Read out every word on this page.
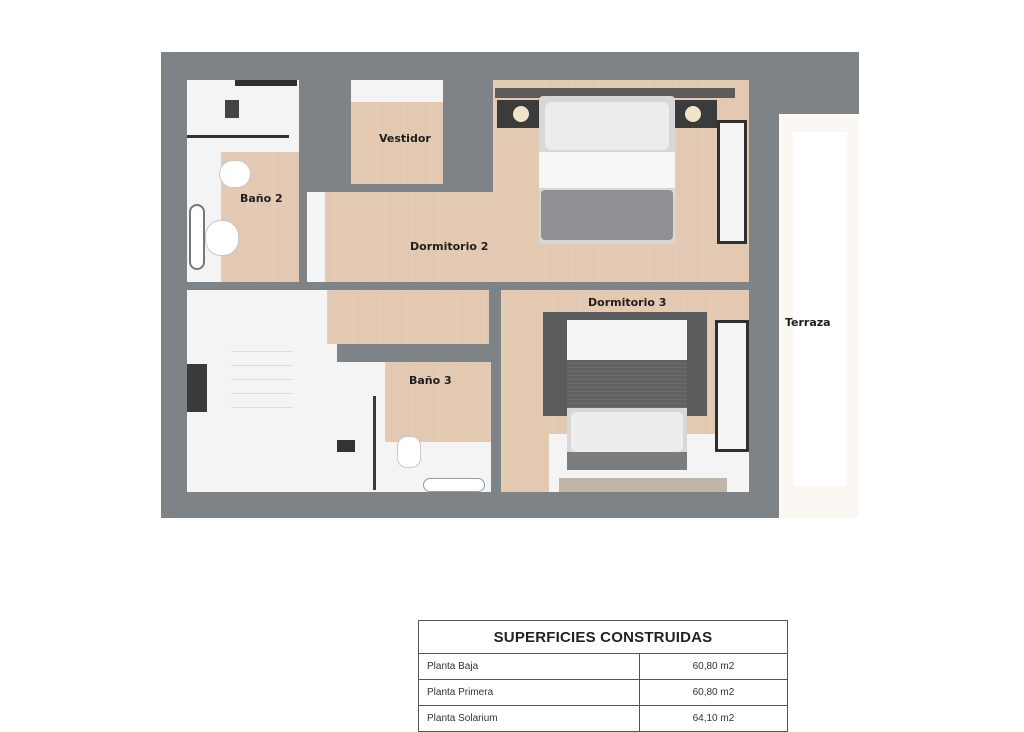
Baño 2
Vestidor
Dormitorio 2
Baño 3
Dormitorio 3
Terraza
SUPERFICIES CONSTRUIDAS	
Planta Baja	60,80 m2
Planta Primera	60,80 m2
Planta Solarium	64,10 m2
